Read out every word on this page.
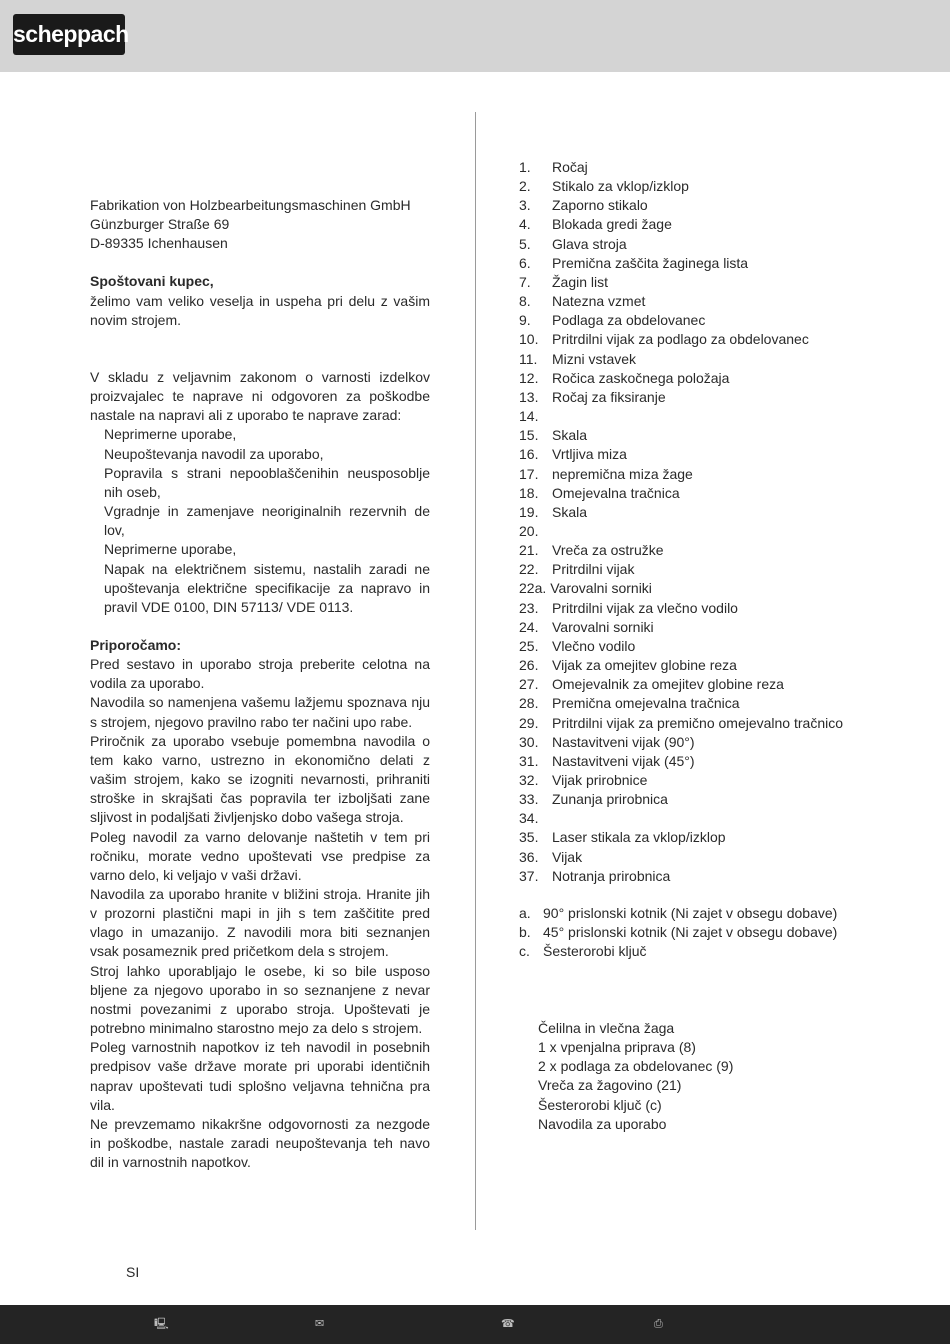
scheppach
Fabrikation von Holzbearbeitungsmaschinen GmbH
Günzburger Straße 69
D-89335 Ichenhausen
Spoštovani kupec,
želimo vam veliko veselja in uspeha pri delu z vašim novim strojem.
V skladu z veljavnim zakonom o varnosti izdelkov proizvajalec te naprave ni odgovoren za poškodbe nastale na napravi ali z uporabo te naprave zarad:
Neprimerne uporabe,
Neupoštevanja navodil za uporabo,
Popravila s strani nepooblaščenihin neusposoblje nih oseb,
Vgradnje in zamenjave neoriginalnih rezervnih de lov,
Neprimerne uporabe,
Napak na električnem sistemu, nastalih zaradi ne upoštevanja električne specifikacije za napravo in pravil VDE 0100, DIN 57113/ VDE 0113.
Priporočamo:
Pred sestavo in uporabo stroja preberite celotna na vodila za uporabo.
Navodila so namenjena vašemu lažjemu spoznava nju s strojem, njegovo pravilno rabo ter načini upo rabe.
Priročnik za uporabo vsebuje pomembna navodila o tem kako varno, ustrezno in ekonomično delati z vašim strojem, kako se izogniti nevarnosti, prihraniti stroške in skrajšati čas popravila ter izboljšati zane sljivost in podaljšati življenjsko dobo vašega stroja.
Poleg navodil za varno delovanje naštetih v tem pri ročniku, morate vedno upoštevati vse predpise za varno delo, ki veljajo v vaši državi.
Navodila za uporabo hranite v bližini stroja. Hranite jih v prozorni plastični mapi in jih s tem zaščitite pred vlago in umazanijo. Z navodili mora biti seznanjen vsak posameznik pred pričetkom dela s strojem.
Stroj lahko uporabljajo le osebe, ki so bile usposo bljene za njegovo uporabo in so seznanjene z nevar nostmi povezanimi z uporabo stroja. Upoštevati je potrebno minimalno starostno mejo za delo s strojem.
Poleg varnostnih napotkov iz teh navodil in posebnih predpisov vaše države morate pri uporabi identičnih naprav upoštevati tudi splošno veljavna tehnična pra vila.
Ne prevzemamo nikakršne odgovornosti za nezgode in poškodbe, nastale zaradi neupoštevanja teh navo dil in varnostnih napotkov.
1.	Ročaj
2.	Stikalo za vklop/izklop
3.	Zaporno stikalo
4.	Blokada gredi žage
5.	Glava stroja
6.	Premična zaščita žaginega lista
7.	Žagin list
8.	Natezna vzmet
9.	Podlaga za obdelovanec
10. Pritrdilni vijak za podlago za obdelovanec
11.	Mizni vstavek
12. Ročica zaskočnega položaja
13. Ročaj za fiksiranje
14.
15. Skala
16. Vrtljiva miza
17. nepremična miza žage
18. Omejevalna tračnica
19. Skala
20.
21. Vreča za ostružke
22. Pritrdilni vijak
22a. Varovalni sorniki
23. Pritrdilni vijak za vlečno vodilo
24. Varovalni sorniki
25. Vlečno vodilo
26. Vijak za omejitev globine reza
27. Omejevalnik za omejitev globine reza
28. Premična omejevalna tračnica
29. Pritrdilni vijak za premično omejevalno tračnico
30. Nastavitveni vijak (90°)
31. Nastavitveni vijak (45°)
32. Vijak prirobnice
33. Zunanja prirobnica
34.
35. Laser stikala za vklop/izklop
36. Vijak
37. Notranja prirobnica
a. 90° prislonski kotnik (Ni zajet v obsegu dobave)
b. 45° prislonski kotnik (Ni zajet v obsegu dobave)
c. Šesterorobi ključ
Čelilna in vlečna žaga
1 x vpenjalna priprava (8)
2 x podlaga za obdelovanec (9)
Vreča za žagovino (21)
Šesterorobi ključ (c)
Navodila za uporabo
SI
🖳	✉	☎	⎙
